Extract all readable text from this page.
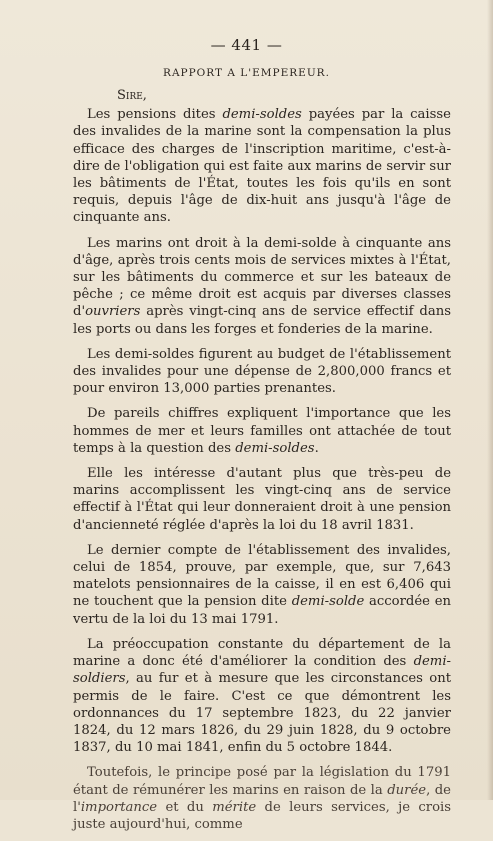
— 441 —
RAPPORT A L'EMPEREUR.
Sire,

Les pensions dites demi-soldes payées par la caisse des invalides de la marine sont la compensation la plus efficace des charges de l'inscription maritime, c'est-à-dire de l'obligation qui est faite aux marins de servir sur les bâtiments de l'État, toutes les fois qu'ils en sont requis, depuis l'âge de dix-huit ans jusqu'à l'âge de cinquante ans.

Les marins ont droit à la demi-solde à cinquante ans d'âge, après trois cents mois de services mixtes à l'État, sur les bâtiments du commerce et sur les bateaux de pêche ; ce même droit est acquis par diverses classes d'ouvriers après vingt-cinq ans de service effectif dans les ports ou dans les forges et fonderies de la marine.

Les demi-soldes figurent au budget de l'établissement des invalides pour une dépense de 2,800,000 francs et pour environ 13,000 parties prenantes.

De pareils chiffres expliquent l'importance que les hommes de mer et leurs familles ont attachée de tout temps à la question des demi-soldes.

Elle les intéresse d'autant plus que très-peu de marins accomplissent les vingt-cinq ans de service effectif à l'État qui leur donneraient droit à une pension d'ancienneté réglée d'après la loi du 18 avril 1831.

Le dernier compte de l'établissement des invalides, celui de 1854, prouve, par exemple, que, sur 7,643 matelots pensionnaires de la caisse, il en est 6,406 qui ne touchent que la pension dite demi-solde accordée en vertu de la loi du 13 mai 1791.

La préoccupation constante du département de la marine a donc été d'améliorer la condition des demi-soldiers, au fur et à mesure que les circonstances ont permis de le faire. C'est ce que démontrent les ordonnances du 17 septembre 1823, du 22 janvier 1824, du 12 mars 1826, du 29 juin 1828, du 9 octobre 1837, du 10 mai 1841, enfin du 5 octobre 1844.

Toutefois, le principe posé par la législation du 1791 étant de rémunérer les marins en raison de la durée, de l'importance et du mérite de leurs services, je crois juste aujourd'hui, comme
